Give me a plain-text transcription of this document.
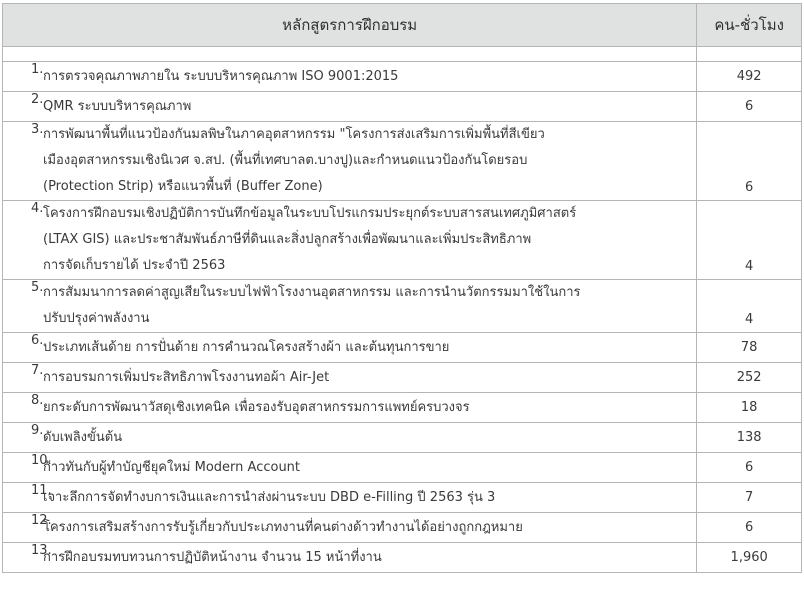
หลักสูตรการฝึกอบรม	คน-ชั่วโมง

1. การตรวจคุณภาพภายใน ระบบบริหารคุณภาพ ISO 9001:2015	492

2. QMR ระบบบริหารคุณภาพ	6

3. การพัฒนาพื้นที่แนวป้องกันมลพิษในภาคอุตสาหกรรม "โครงการส่งเสริมการเพิ่มพื้นที่สีเขียว
เมืองอุตสาหกรรมเชิงนิเวศ จ.สป. (พื้นที่เทศบาลต.บางปู)และกำหนดแนวป้องกันโดยรอบ
(Protection Strip) หรือแนวพื้นที่ (Buffer Zone)	6

4. โครงการฝึกอบรมเชิงปฏิบัติการบันทึกข้อมูลในระบบโปรแกรมประยุกต์ระบบสารสนเทศภูมิศาสตร์
(LTAX GIS) และประชาสัมพันธ์ภาษีที่ดินและสิ่งปลูกสร้างเพื่อพัฒนาและเพิ่มประสิทธิภาพ
การจัดเก็บรายได้ ประจำปี 2563	4

5. การสัมมนาการลดค่าสูญเสียในระบบไฟฟ้าโรงงานอุตสาหกรรม และการนำนวัตกรรมมาใช้ในการ
ปรับปรุงค่าพลังงาน	4

6. ประเภทเส้นด้าย การปั่นด้าย การคำนวณโครงสร้างผ้า และต้นทุนการขาย	78

7. การอบรมการเพิ่มประสิทธิภาพโรงงานทอผ้า Air-Jet	252

8. ยกระดับการพัฒนาวัสดุเชิงเทคนิค เพื่อรองรับอุตสาหกรรมการแพทย์ครบวงจร	18

9. ดับเพลิงขั้นต้น	138

10.
ก้าวทันกับผู้ทำบัญชียุคใหม่ Modern Account	6

11.
เจาะลึกการจัดทำงบการเงินและการนำส่งผ่านระบบ DBD e-Filling ปี 2563 รุ่น 3	7

12.
โครงการเสริมสร้างการรับรู้เกี่ยวกับประเภทงานที่คนต่างด้าวทำงานได้อย่างถูกกฎหมาย	6

13.
การฝึกอบรมทบทวนการปฏิบัติหน้างาน จำนวน 15 หน้าที่งาน	1,960
